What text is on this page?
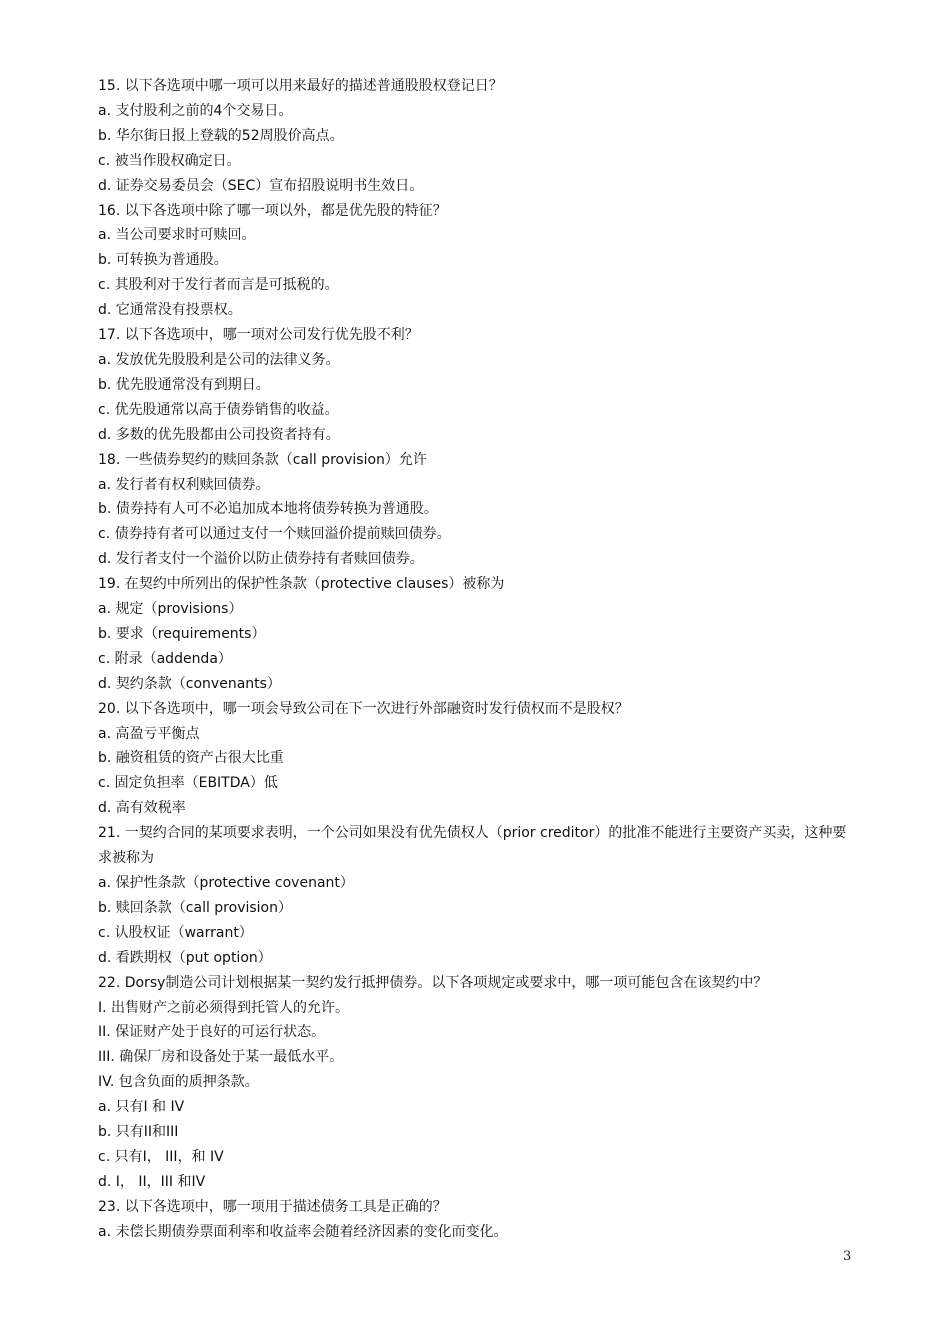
15. 以下各选项中哪一项可以用来最好的描述普通股股权登记日？
a. 支付股利之前的4个交易日。
b. 华尔街日报上登载的52周股价高点。
c. 被当作股权确定日。
d. 证券交易委员会（SEC）宣布招股说明书生效日。
16. 以下各选项中除了哪一项以外，都是优先股的特征？
a. 当公司要求时可赎回。
b. 可转换为普通股。
c. 其股利对于发行者而言是可抵税的。
d. 它通常没有投票权。
17. 以下各选项中，哪一项对公司发行优先股不利？
a. 发放优先股股利是公司的法律义务。
b. 优先股通常没有到期日。
c. 优先股通常以高于债券销售的收益。
d. 多数的优先股都由公司投资者持有。
18. 一些债券契约的赎回条款（call provision）允许
a. 发行者有权利赎回债券。
b. 债券持有人可不必追加成本地将债券转换为普通股。
c. 债券持有者可以通过支付一个赎回溢价提前赎回债券。
d. 发行者支付一个溢价以防止债券持有者赎回债券。
19. 在契约中所列出的保护性条款（protective clauses）被称为
a. 规定（provisions）
b. 要求（requirements）
c. 附录（addenda）
d. 契约条款（convenants）
20. 以下各选项中，哪一项会导致公司在下一次进行外部融资时发行债权而不是股权？
a. 高盈亏平衡点
b. 融资租赁的资产占很大比重
c. 固定负担率（EBITDA）低
d. 高有效税率
21. 一契约合同的某项要求表明，一个公司如果没有优先债权人（prior creditor）的批准不能进行主要资产买卖，这种要求被称为
a. 保护性条款（protective covenant）
b. 赎回条款（call provision）
c. 认股权证（warrant）
d. 看跌期权（put option）
22. Dorsy制造公司计划根据某一契约发行抵押债券。以下各项规定或要求中，哪一项可能包含在该契约中？
I. 出售财产之前必须得到托管人的允许。
II. 保证财产处于良好的可运行状态。
III. 确保厂房和设备处于某一最低水平。
IV. 包含负面的质押条款。
a. 只有I 和 IV
b. 只有II和III
c. 只有I， III，和 IV
d. I， II，III 和IV
23. 以下各选项中，哪一项用于描述债务工具是正确的？
a. 未偿长期债券票面利率和收益率会随着经济因素的变化而变化。
3
